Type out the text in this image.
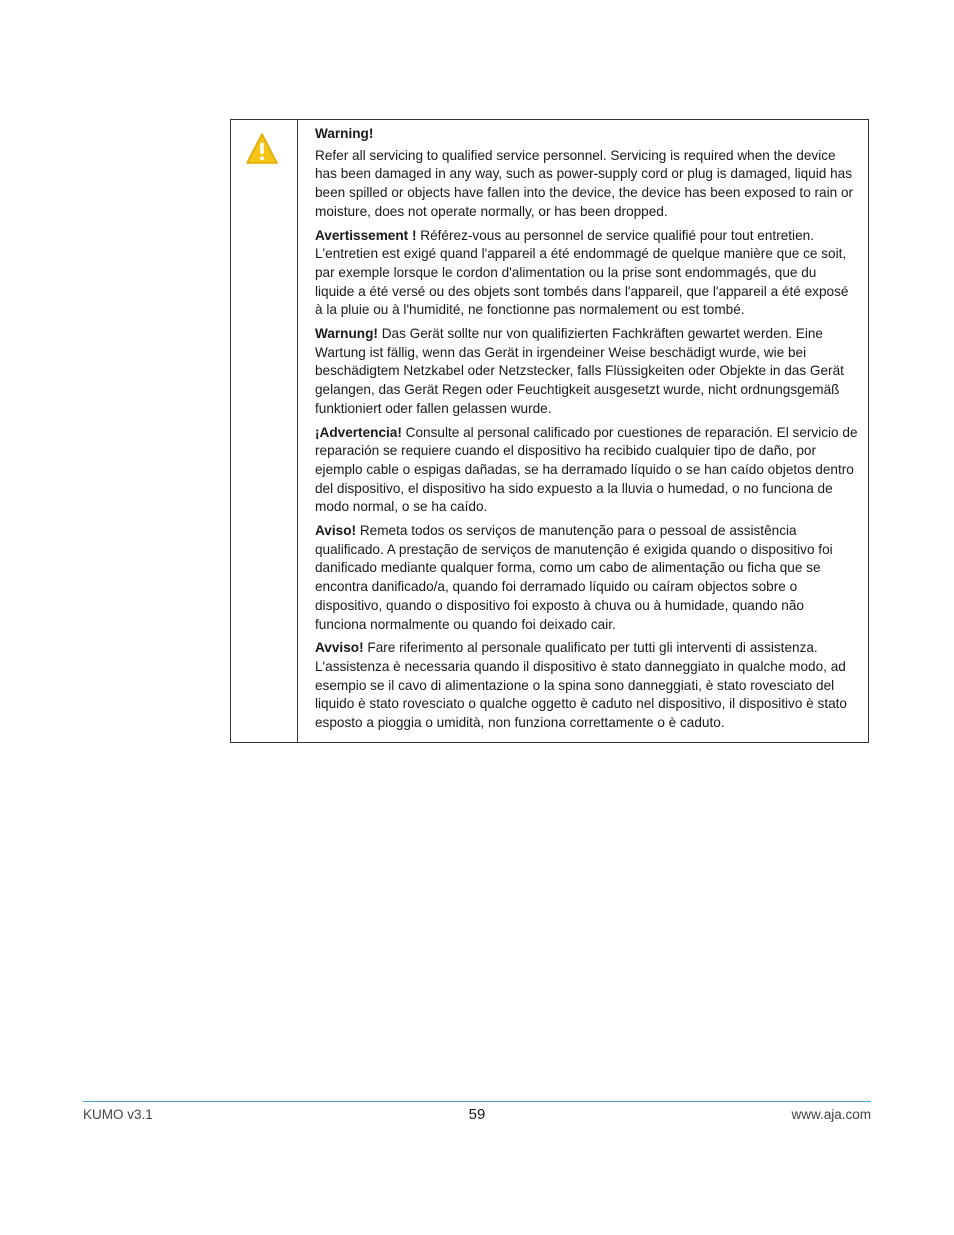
Warning!
Refer all servicing to qualified service personnel. Servicing is required when the device has been damaged in any way, such as power-supply cord or plug is damaged, liquid has been spilled or objects have fallen into the device, the device has been exposed to rain or moisture, does not operate normally, or has been dropped.

Avertissement ! Référez-vous au personnel de service qualifié pour tout entretien. L'entretien est exigé quand l'appareil a été endommagé de quelque manière que ce soit, par exemple lorsque le cordon d'alimentation ou la prise sont endommagés, que du liquide a été versé ou des objets sont tombés dans l'appareil, que l'appareil a été exposé à la pluie ou à l'humidité, ne fonctionne pas normalement ou est tombé.

Warnung! Das Gerät sollte nur von qualifizierten Fachkräften gewartet werden. Eine Wartung ist fällig, wenn das Gerät in irgendeiner Weise beschädigt wurde, wie bei beschädigtem Netzkabel oder Netzstecker, falls Flüssigkeiten oder Objekte in das Gerät gelangen, das Gerät Regen oder Feuchtigkeit ausgesetzt wurde, nicht ordnungsgemäß funktioniert oder fallen gelassen wurde.

¡Advertencia! Consulte al personal calificado por cuestiones de reparación. El servicio de reparación se requiere cuando el dispositivo ha recibido cualquier tipo de daño, por ejemplo cable o espigas dañadas, se ha derramado líquido o se han caído objetos dentro del dispositivo, el dispositivo ha sido expuesto a la lluvia o humedad, o no funciona de modo normal, o se ha caído.

Aviso! Remeta todos os serviços de manutenção para o pessoal de assistência qualificado. A prestação de serviços de manutenção é exigida quando o dispositivo foi danificado mediante qualquer forma, como um cabo de alimentação ou ficha que se encontra danificado/a, quando foi derramado líquido ou caíram objectos sobre o dispositivo, quando o dispositivo foi exposto à chuva ou à humidade, quando não funciona normalmente ou quando foi deixado cair.

Avviso! Fare riferimento al personale qualificato per tutti gli interventi di assistenza. L'assistenza è necessaria quando il dispositivo è stato danneggiato in qualche modo, ad esempio se il cavo di alimentazione o la spina sono danneggiati, è stato rovesciato del liquido è stato rovesciato o qualche oggetto è caduto nel dispositivo, il dispositivo è stato esposto a pioggia o umidità, non funziona correttamente o è caduto.

KUMO v3.1	59	www.aja.com
